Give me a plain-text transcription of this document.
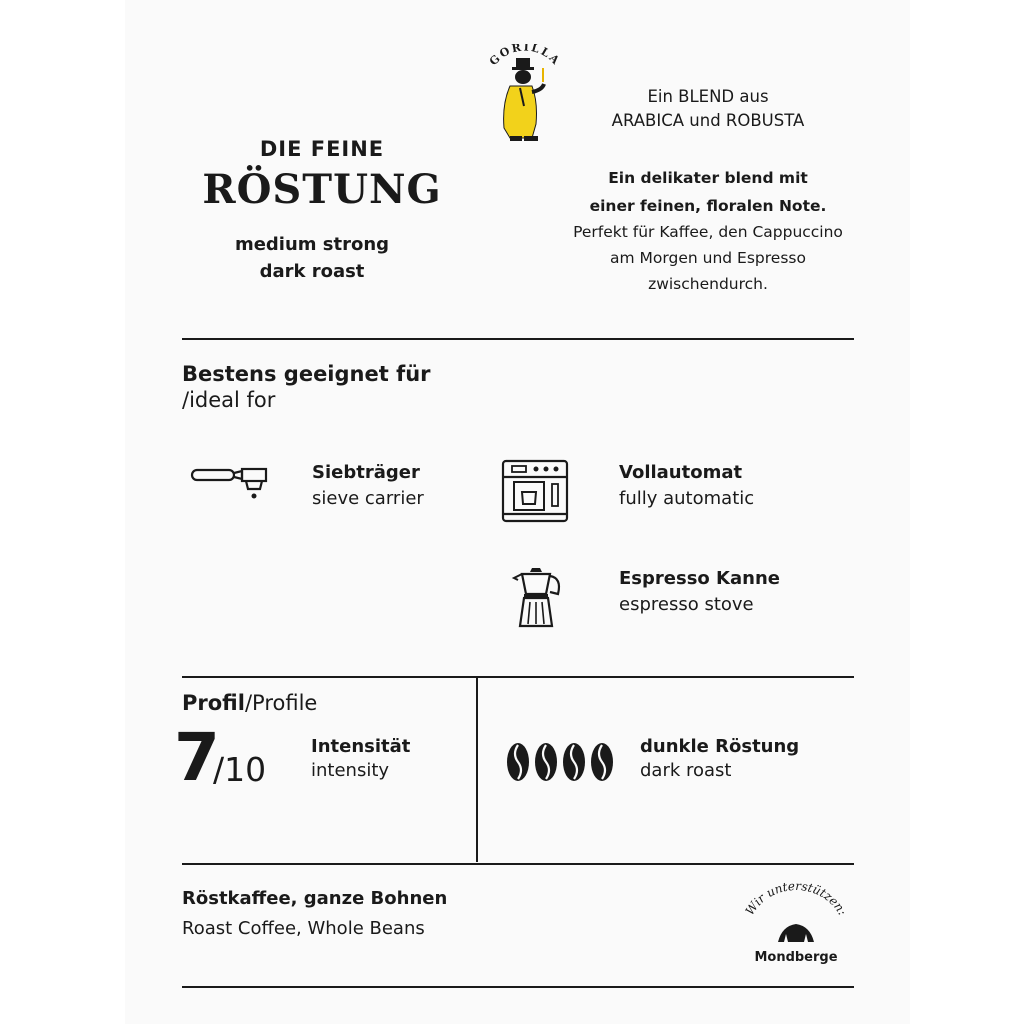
GORILLA
DIE FEINE
RÖSTUNG
medium strong
dark roast
Ein BLEND aus
ARABICA und ROBUSTA
Ein delikater blend mit
einer feinen, floralen Note.
Perfekt für Kaffee, den Cappuccino
am Morgen und Espresso
zwischendurch.
Bestens geeignet für
/ideal for
Siebträger
sieve carrier
Vollautomat
fully automatic
Espresso Kanne
espresso stove
Profil/Profile
7
/10
Intensität
intensity
dunkle Röstung
dark roast
Röstkaffee, ganze Bohnen
Roast Coffee, Whole Beans
Wir unterstützen:
Mondberge
